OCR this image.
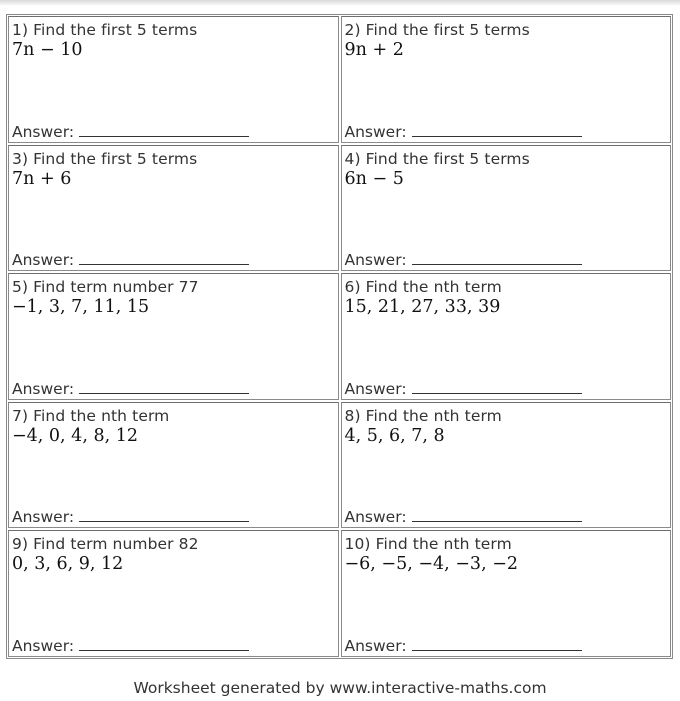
1) Find the first 5 terms
7n − 10
Answer:
2) Find the first 5 terms
9n + 2
Answer:
3) Find the first 5 terms
7n + 6
Answer:
4) Find the first 5 terms
6n − 5
Answer:
5) Find term number 77
−1, 3, 7, 11, 15
Answer:
6) Find the nth term
15, 21, 27, 33, 39
Answer:
7) Find the nth term
−4, 0, 4, 8, 12
Answer:
8) Find the nth term
4, 5, 6, 7, 8
Answer:
9) Find term number 82
0, 3, 6, 9, 12
Answer:
10) Find the nth term
−6, −5, −4, −3, −2
Answer:
Worksheet generated by www.interactive-maths.com
